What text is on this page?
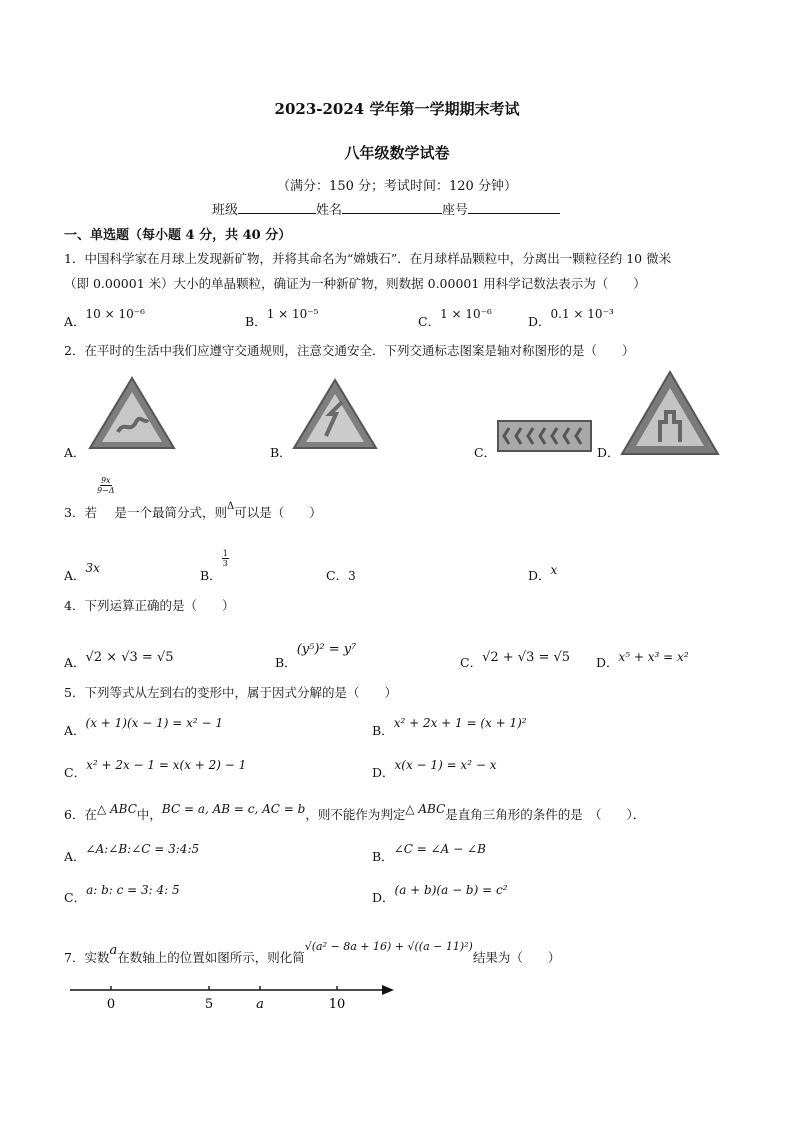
2023-2024 学年第一学期期末考试
八年级数学试卷
（满分：150 分；考试时间：120 分钟）
班级	姓名	座号
一、单选题（每小题 4 分，共 40 分）
1．中国科学家在月球上发现新矿物，并将其命名为“嫦娥石”．在月球样品颗粒中，分离出一颗粒径约 10 微米
（即 0.00001 米）大小的单晶颗粒，确证为一种新矿物，则数据 0.00001 用科学记数法表示为（　　）
A．10 × 10⁻⁶	B．1 × 10⁻⁵	C．1 × 10⁻⁶	D．0.1 × 10⁻³
2．在平时的生活中我们应遵守交通规则，注意交通安全．下列交通标志图案是轴对称图形的是（　　）
A．	B．	C．	D．
3．若
$\frac{9x}{9-\Delta}$
是一个最简分式，则$_\Delta$可以是（　　）
A．3x	B．
$\frac{1}{3}$
C．3	D．x
4．下列运算正确的是（　　）
A．√2 × √3 = √5	B．(y⁵)² = y⁷
C．√2 + √3 = √5 D．x⁵ + x³ = x²
5．下列等式从左到右的变形中，属于因式分解的是（　　）
A．(x + 1)(x − 1) = x² − 1	B．x² + 2x + 1 = (x + 1)²
C．x² + 2x − 1 = x(x + 2) − 1	D．x(x − 1) = x² − x
6．在△ ABC中，BC = a, AB = c, AC = b，则不能作为判定△ ABC是直角三角形的条件的是　（　　）．
A．∠A:∠B:∠C = 3:4:5	B．∠C = ∠A − ∠B
C．a: b: c = 3: 4: 5	D．(a + b)(a − b) = c²
7．实数a在数轴上的位置如图所示，则化简√(a² − 8a + 16) + √((a − 11)²)结果为（　　）
0	5	a	10
